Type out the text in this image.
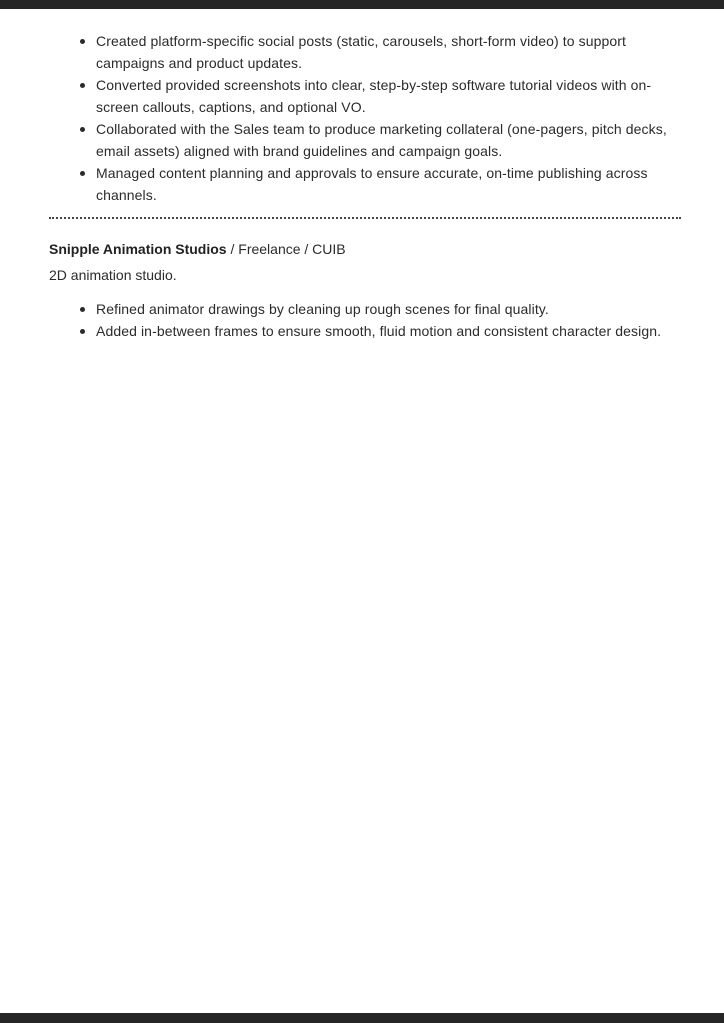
Created platform-specific social posts (static, carousels, short-form video) to support campaigns and product updates.
Converted provided screenshots into clear, step-by-step software tutorial videos with on-screen callouts, captions, and optional VO.
Collaborated with the Sales team to produce marketing collateral (one-pagers, pitch decks, email assets) aligned with brand guidelines and campaign goals.
Managed content planning and approvals to ensure accurate, on-time publishing across channels.
Snipple Animation Studios / Freelance / CUIB
2D animation studio.
Refined animator drawings by cleaning up rough scenes for final quality.
Added in-between frames to ensure smooth, fluid motion and consistent character design.
